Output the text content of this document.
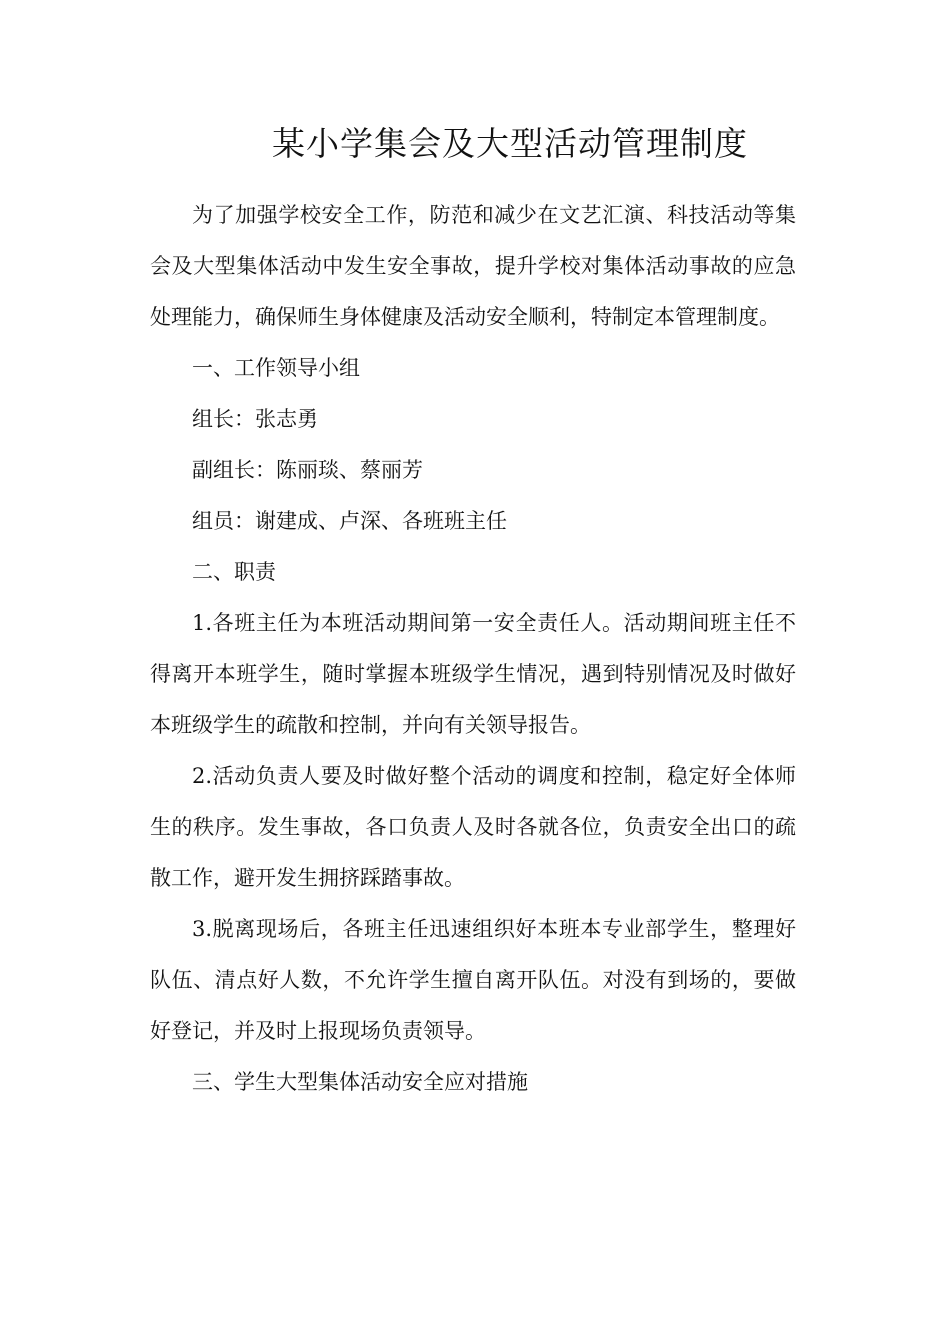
某小学集会及大型活动管理制度

为了加强学校安全工作，防范和减少在文艺汇演、科技活动等集会及大型集体活动中发生安全事故，提升学校对集体活动事故的应急处理能力，确保师生身体健康及活动安全顺利，特制定本管理制度。

一、工作领导小组

组长：张志勇

副组长：陈丽琰、蔡丽芳

组员：谢建成、卢深、各班班主任

二、职责

1.各班主任为本班活动期间第一安全责任人。活动期间班主任不得离开本班学生，随时掌握本班级学生情况，遇到特别情况及时做好本班级学生的疏散和控制，并向有关领导报告。

2.活动负责人要及时做好整个活动的调度和控制，稳定好全体师生的秩序。发生事故，各口负责人及时各就各位，负责安全出口的疏散工作，避开发生拥挤踩踏事故。

3.脱离现场后，各班主任迅速组织好本班本专业部学生，整理好队伍、清点好人数，不允许学生擅自离开队伍。对没有到场的，要做好登记，并及时上报现场负责领导。

三、学生大型集体活动安全应对措施
